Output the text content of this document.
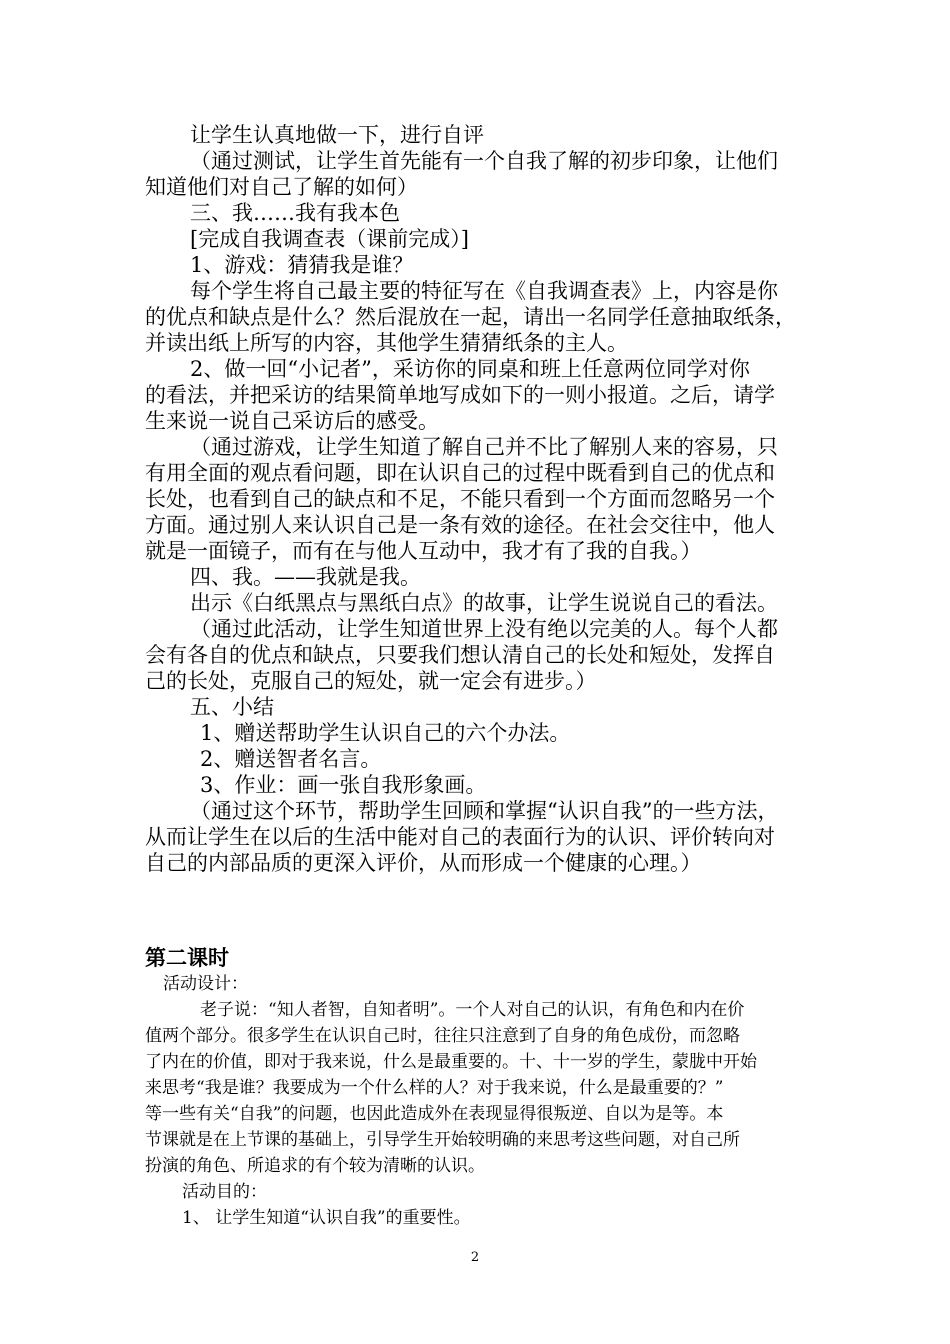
让学生认真地做一下，进行自评
（通过测试，让学生首先能有一个自我了解的初步印象，让他们
知道他们对自己了解的如何）
三、我……我有我本色
[完成自我调查表（课前完成）]
1、游戏：猜猜我是谁？
每个学生将自己最主要的特征写在《自我调查表》上，内容是你
的优点和缺点是什么？然后混放在一起，请出一名同学任意抽取纸条，
并读出纸上所写的内容，其他学生猜猜纸条的主人。
2、做一回“小记者”，采访你的同桌和班上任意两位同学对你
的看法，并把采访的结果简单地写成如下的一则小报道。之后，请学
生来说一说自己采访后的感受。
（通过游戏，让学生知道了解自己并不比了解别人来的容易，只
有用全面的观点看问题，即在认识自己的过程中既看到自己的优点和
长处，也看到自己的缺点和不足，不能只看到一个方面而忽略另一个
方面。通过别人来认识自己是一条有效的途径。在社会交往中，他人
就是一面镜子，而有在与他人互动中，我才有了我的自我。）
四、我。——我就是我。
出示《白纸黑点与黑纸白点》的故事，让学生说说自己的看法。
（通过此活动，让学生知道世界上没有绝以完美的人。每个人都
会有各自的优点和缺点，只要我们想认清自己的长处和短处，发挥自
己的长处，克服自己的短处，就一定会有进步。）
五、小结
1、赠送帮助学生认识自己的六个办法。
2、赠送智者名言。
3、作业：画一张自我形象画。
（通过这个环节，帮助学生回顾和掌握“认识自我”的一些方法，
从而让学生在以后的生活中能对自己的表面行为的认识、评价转向对
自己的内部品质的更深入评价，从而形成一个健康的心理。）
第二课时
活动设计：
老子说：“知人者智，自知者明”。一个人对自己的认识，有角色和内在价
值两个部分。很多学生在认识自己时，往往只注意到了自身的角色成份，而忽略
了内在的价值，即对于我来说，什么是最重要的。十、十一岁的学生，蒙胧中开始
来思考“我是谁？我要成为一个什么样的人？对于我来说，什么是最重要的？”
等一些有关“自我”的问题，也因此造成外在表现显得很叛逆、自以为是等。本
节课就是在上节课的基础上，引导学生开始较明确的来思考这些问题，对自己所
扮演的角色、所追求的有个较为清晰的认识。
活动目的：
1、 让学生知道“认识自我”的重要性。
2
